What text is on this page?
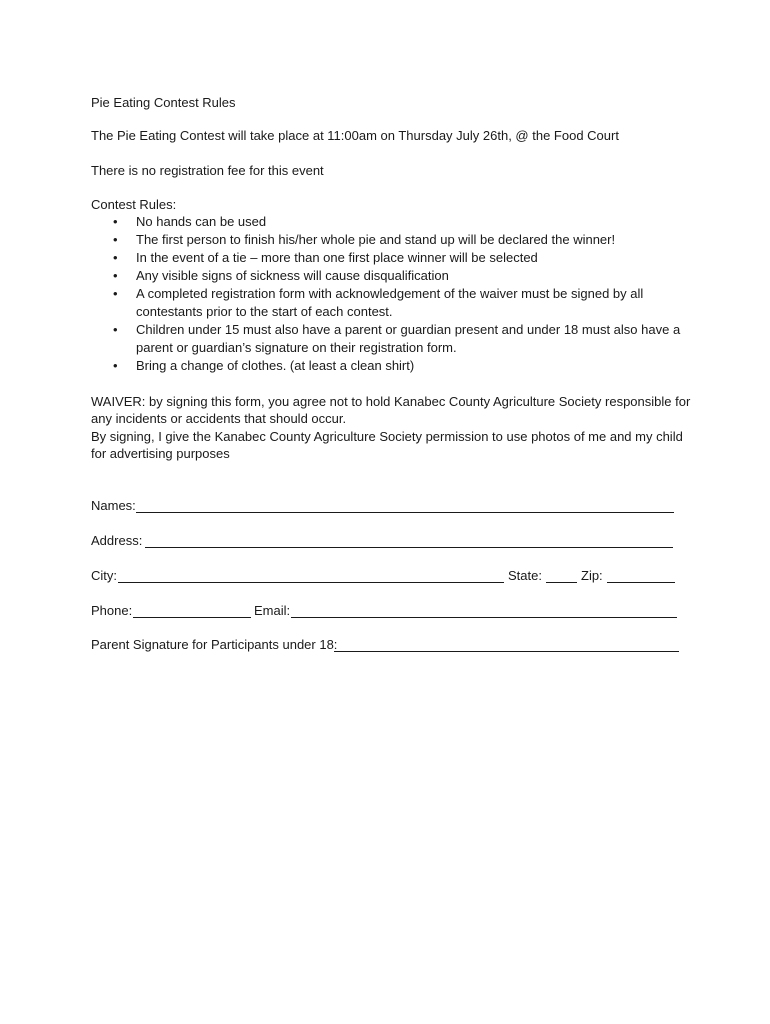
Pie Eating Contest Rules
The Pie Eating Contest will take place at 11:00am on Thursday July 26th, @ the Food Court
There is no registration fee for this event
Contest Rules:
• No hands can be used
• The first person to finish his/her whole pie and stand up will be declared the winner!
• In the event of a tie – more than one first place winner will be selected
• Any visible signs of sickness will cause disqualification
• A completed registration form with acknowledgement of the waiver must be signed by all
contestants prior to the start of each contest.
• Children under 15 must also have a parent or guardian present and under 18 must also have a
parent or guardian’s signature on their registration form.
• Bring a change of clothes. (at least a clean shirt)
WAIVER: by signing this form, you agree not to hold Kanabec County Agriculture Society responsible for
any incidents or accidents that should occur.
By signing, I give the Kanabec County Agriculture Society permission to use photos of me and my child
for advertising purposes
Names:
Address:
City:	State:	Zip:
Phone:	Email:
Parent Signature for Participants under 18:
